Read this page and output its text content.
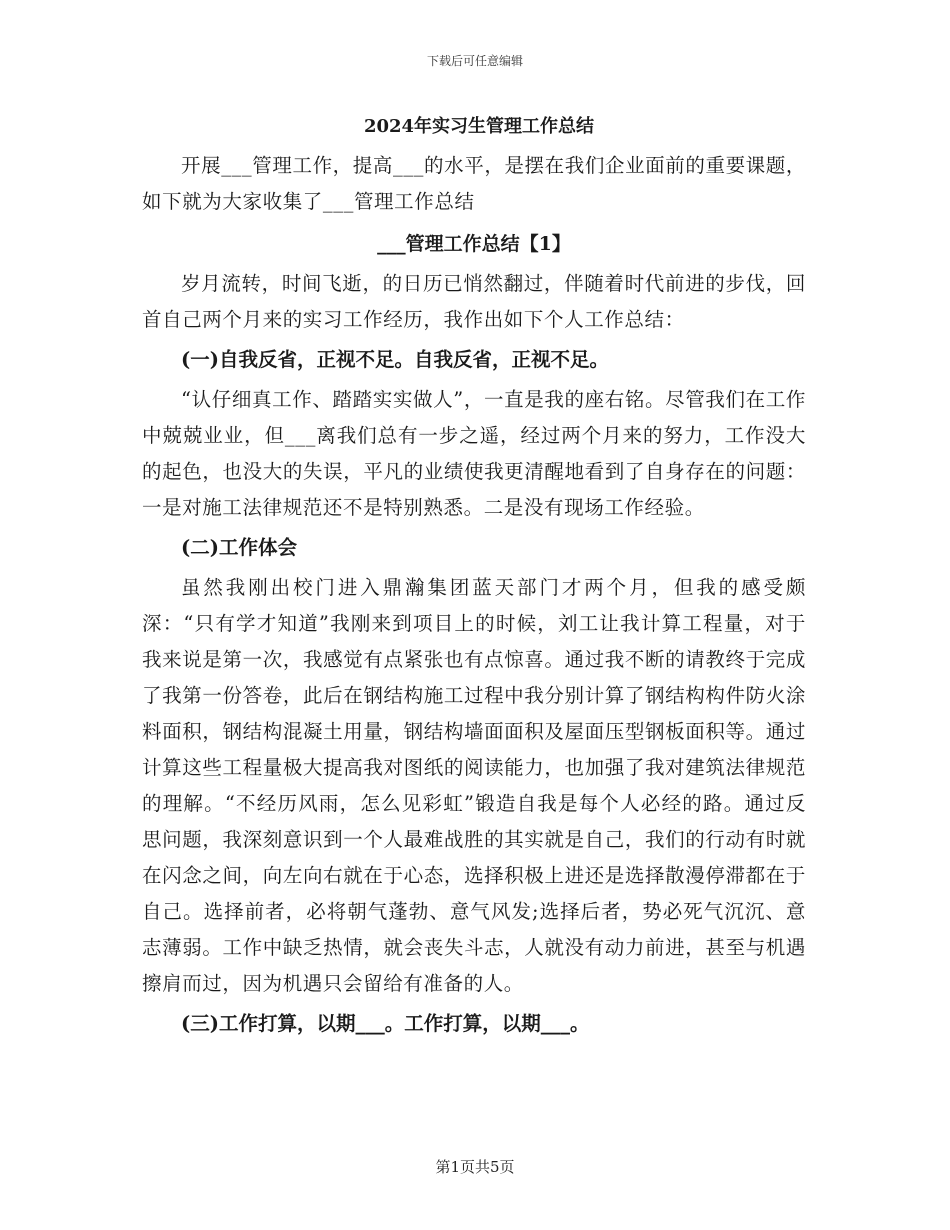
下载后可任意编辑
2024年实习生管理工作总结

开展___管理工作，提高___的水平，是摆在我们企业面前的重要课题，如下就为大家收集了___管理工作总结

___管理工作总结【1】

岁月流转，时间飞逝，的日历已悄然翻过，伴随着时代前进的步伐，回首自己两个月来的实习工作经历，我作出如下个人工作总结：

(一)自我反省，正视不足。自我反省，正视不足。

“认仔细真工作、踏踏实实做人”，一直是我的座右铭。尽管我们在工作中兢兢业业，但___离我们总有一步之遥，经过两个月来的努力，工作没大的起色，也没大的失误，平凡的业绩使我更清醒地看到了自身存在的问题：一是对施工法律规范还不是特别熟悉。二是没有现场工作经验。

(二)工作体会

虽然我刚出校门进入鼎瀚集团蓝天部门才两个月，但我的感受颇深：“只有学才知道”我刚来到项目上的时候，刘工让我计算工程量，对于我来说是第一次，我感觉有点紧张也有点惊喜。通过我不断的请教终于完成了我第一份答卷，此后在钢结构施工过程中我分别计算了钢结构构件防火涂料面积，钢结构混凝土用量，钢结构墙面面积及屋面压型钢板面积等。通过计算这些工程量极大提高我对图纸的阅读能力，也加强了我对建筑法律规范的理解。“不经历风雨，怎么见彩虹”锻造自我是每个人必经的路。通过反思问题，我深刻意识到一个人最难战胜的其实就是自己，我们的行动有时就在闪念之间，向左向右就在于心态，选择积极上进还是选择散漫停滞都在于自己。选择前者，必将朝气蓬勃、意气风发;选择后者，势必死气沉沉、意志薄弱。工作中缺乏热情，就会丧失斗志，人就没有动力前进，甚至与机遇擦肩而过，因为机遇只会留给有准备的人。

(三)工作打算，以期___。工作打算，以期___。
第1页共5页
